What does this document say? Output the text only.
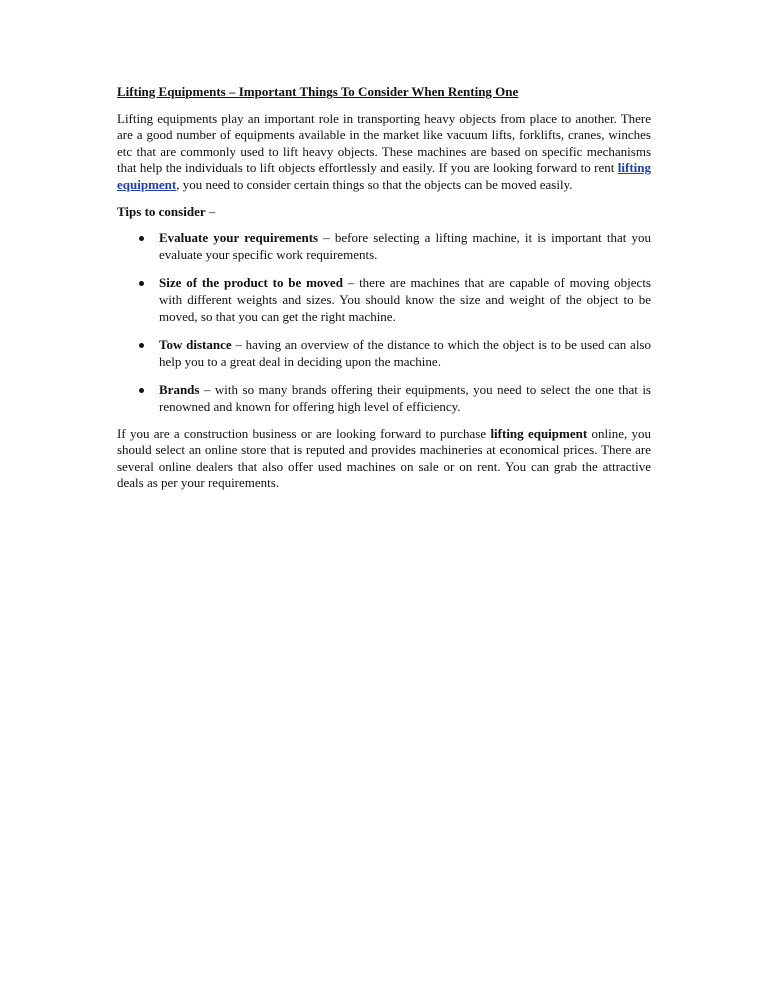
Lifting Equipments – Important Things To Consider When Renting One

Lifting equipments play an important role in transporting heavy objects from place to another. There are a good number of equipments available in the market like vacuum lifts, forklifts, cranes, winches etc that are commonly used to lift heavy objects. These machines are based on specific mechanisms that help the individuals to lift objects effortlessly and easily. If you are looking forward to rent lifting equipment, you need to consider certain things so that the objects can be moved easily.

Tips to consider –
Evaluate your requirements – before selecting a lifting machine, it is important that you evaluate your specific work requirements.
Size of the product to be moved – there are machines that are capable of moving objects with different weights and sizes. You should know the size and weight of the object to be moved, so that you can get the right machine.
Tow distance – having an overview of the distance to which the object is to be used can also help you to a great deal in deciding upon the machine.
Brands – with so many brands offering their equipments, you need to select the one that is renowned and known for offering high level of efficiency.

If you are a construction business or are looking forward to purchase lifting equipment online, you should select an online store that is reputed and provides machineries at economical prices. There are several online dealers that also offer used machines on sale or on rent. You can grab the attractive deals as per your requirements.
